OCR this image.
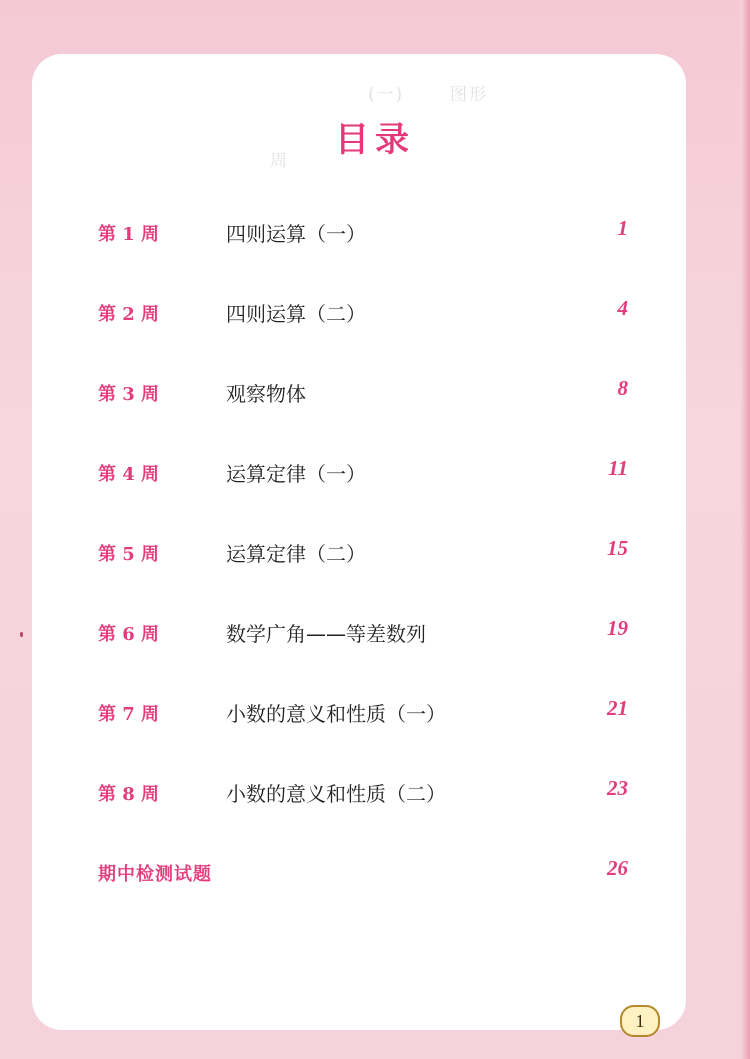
(一)	图形
周
目录
第 1 周	四则运算（一）	1
第 2 周	四则运算（二）	4
第 3 周	观察物体	8
第 4 周	运算定律（一）	11
第 5 周	运算定律（二）	15
第 6 周	数学广角——等差数列	19
第 7 周	小数的意义和性质（一）	21
第 8 周	小数的意义和性质（二）	23
期中检测试题	26
1
